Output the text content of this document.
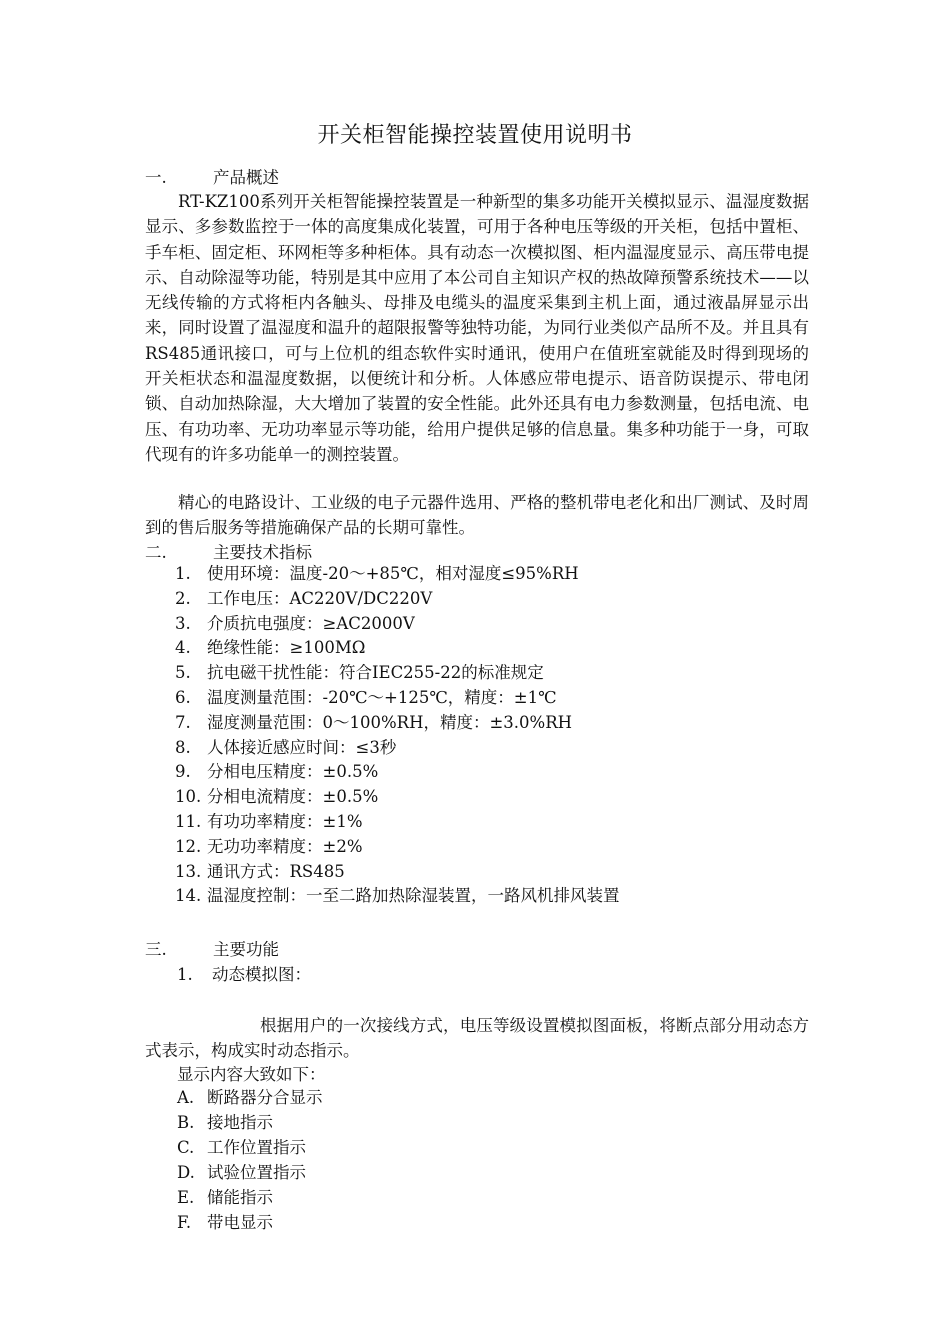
开关柜智能操控装置使用说明书
一.	产品概述

RT-KZ100系列开关柜智能操控装置是一种新型的集多功能开关模拟显示、温湿度数据显示、多参数监控于一体的高度集成化装置，可用于各种电压等级的开关柜，包括中置柜、手车柜、固定柜、环网柜等多种柜体。具有动态一次模拟图、柜内温湿度显示、高压带电提示、自动除湿等功能，特别是其中应用了本公司自主知识产权的热故障预警系统技术——以无线传输的方式将柜内各触头、母排及电缆头的温度采集到主机上面，通过液晶屏显示出来，同时设置了温湿度和温升的超限报警等独特功能，为同行业类似产品所不及。并且具有RS485通讯接口，可与上位机的组态软件实时通讯，使用户在值班室就能及时得到现场的开关柜状态和温湿度数据，以便统计和分析。人体感应带电提示、语音防误提示、带电闭锁、自动加热除湿，大大增加了装置的安全性能。此外还具有电力参数测量，包括电流、电压、有功功率、无功功率显示等功能，给用户提供足够的信息量。集多种功能于一身，可取代现有的许多功能单一的测控装置。

精心的电路设计、工业级的电子元器件选用、严格的整机带电老化和出厂测试、及时周到的售后服务等措施确保产品的长期可靠性。

二.	主要技术指标
1. 使用环境：温度-20～+85℃，相对湿度≤95%RH
2. 工作电压：AC220V/DC220V
3. 介质抗电强度：≥AC2000V
4. 绝缘性能：≥100MΩ
5. 抗电磁干扰性能：符合IEC255-22的标准规定
6. 温度测量范围：-20℃～+125℃，精度：±1℃
7. 湿度测量范围：0～100%RH，精度：±3.0%RH
8. 人体接近感应时间：≤3秒
9. 分相电压精度：±0.5%
10. 分相电流精度：±0.5%
11. 有功功率精度：±1%
12. 无功功率精度：±2%
13. 通讯方式：RS485
14. 温湿度控制：一至二路加热除湿装置，一路风机排风装置
三.	主要功能
1. 动态模拟图：

根据用户的一次接线方式，电压等级设置模拟图面板，将断点部分用动态方式表示，构成实时动态指示。

显示内容大致如下：
A. 断路器分合显示
B. 接地指示
C. 工作位置指示
D. 试验位置指示
E. 储能指示
F. 带电显示
